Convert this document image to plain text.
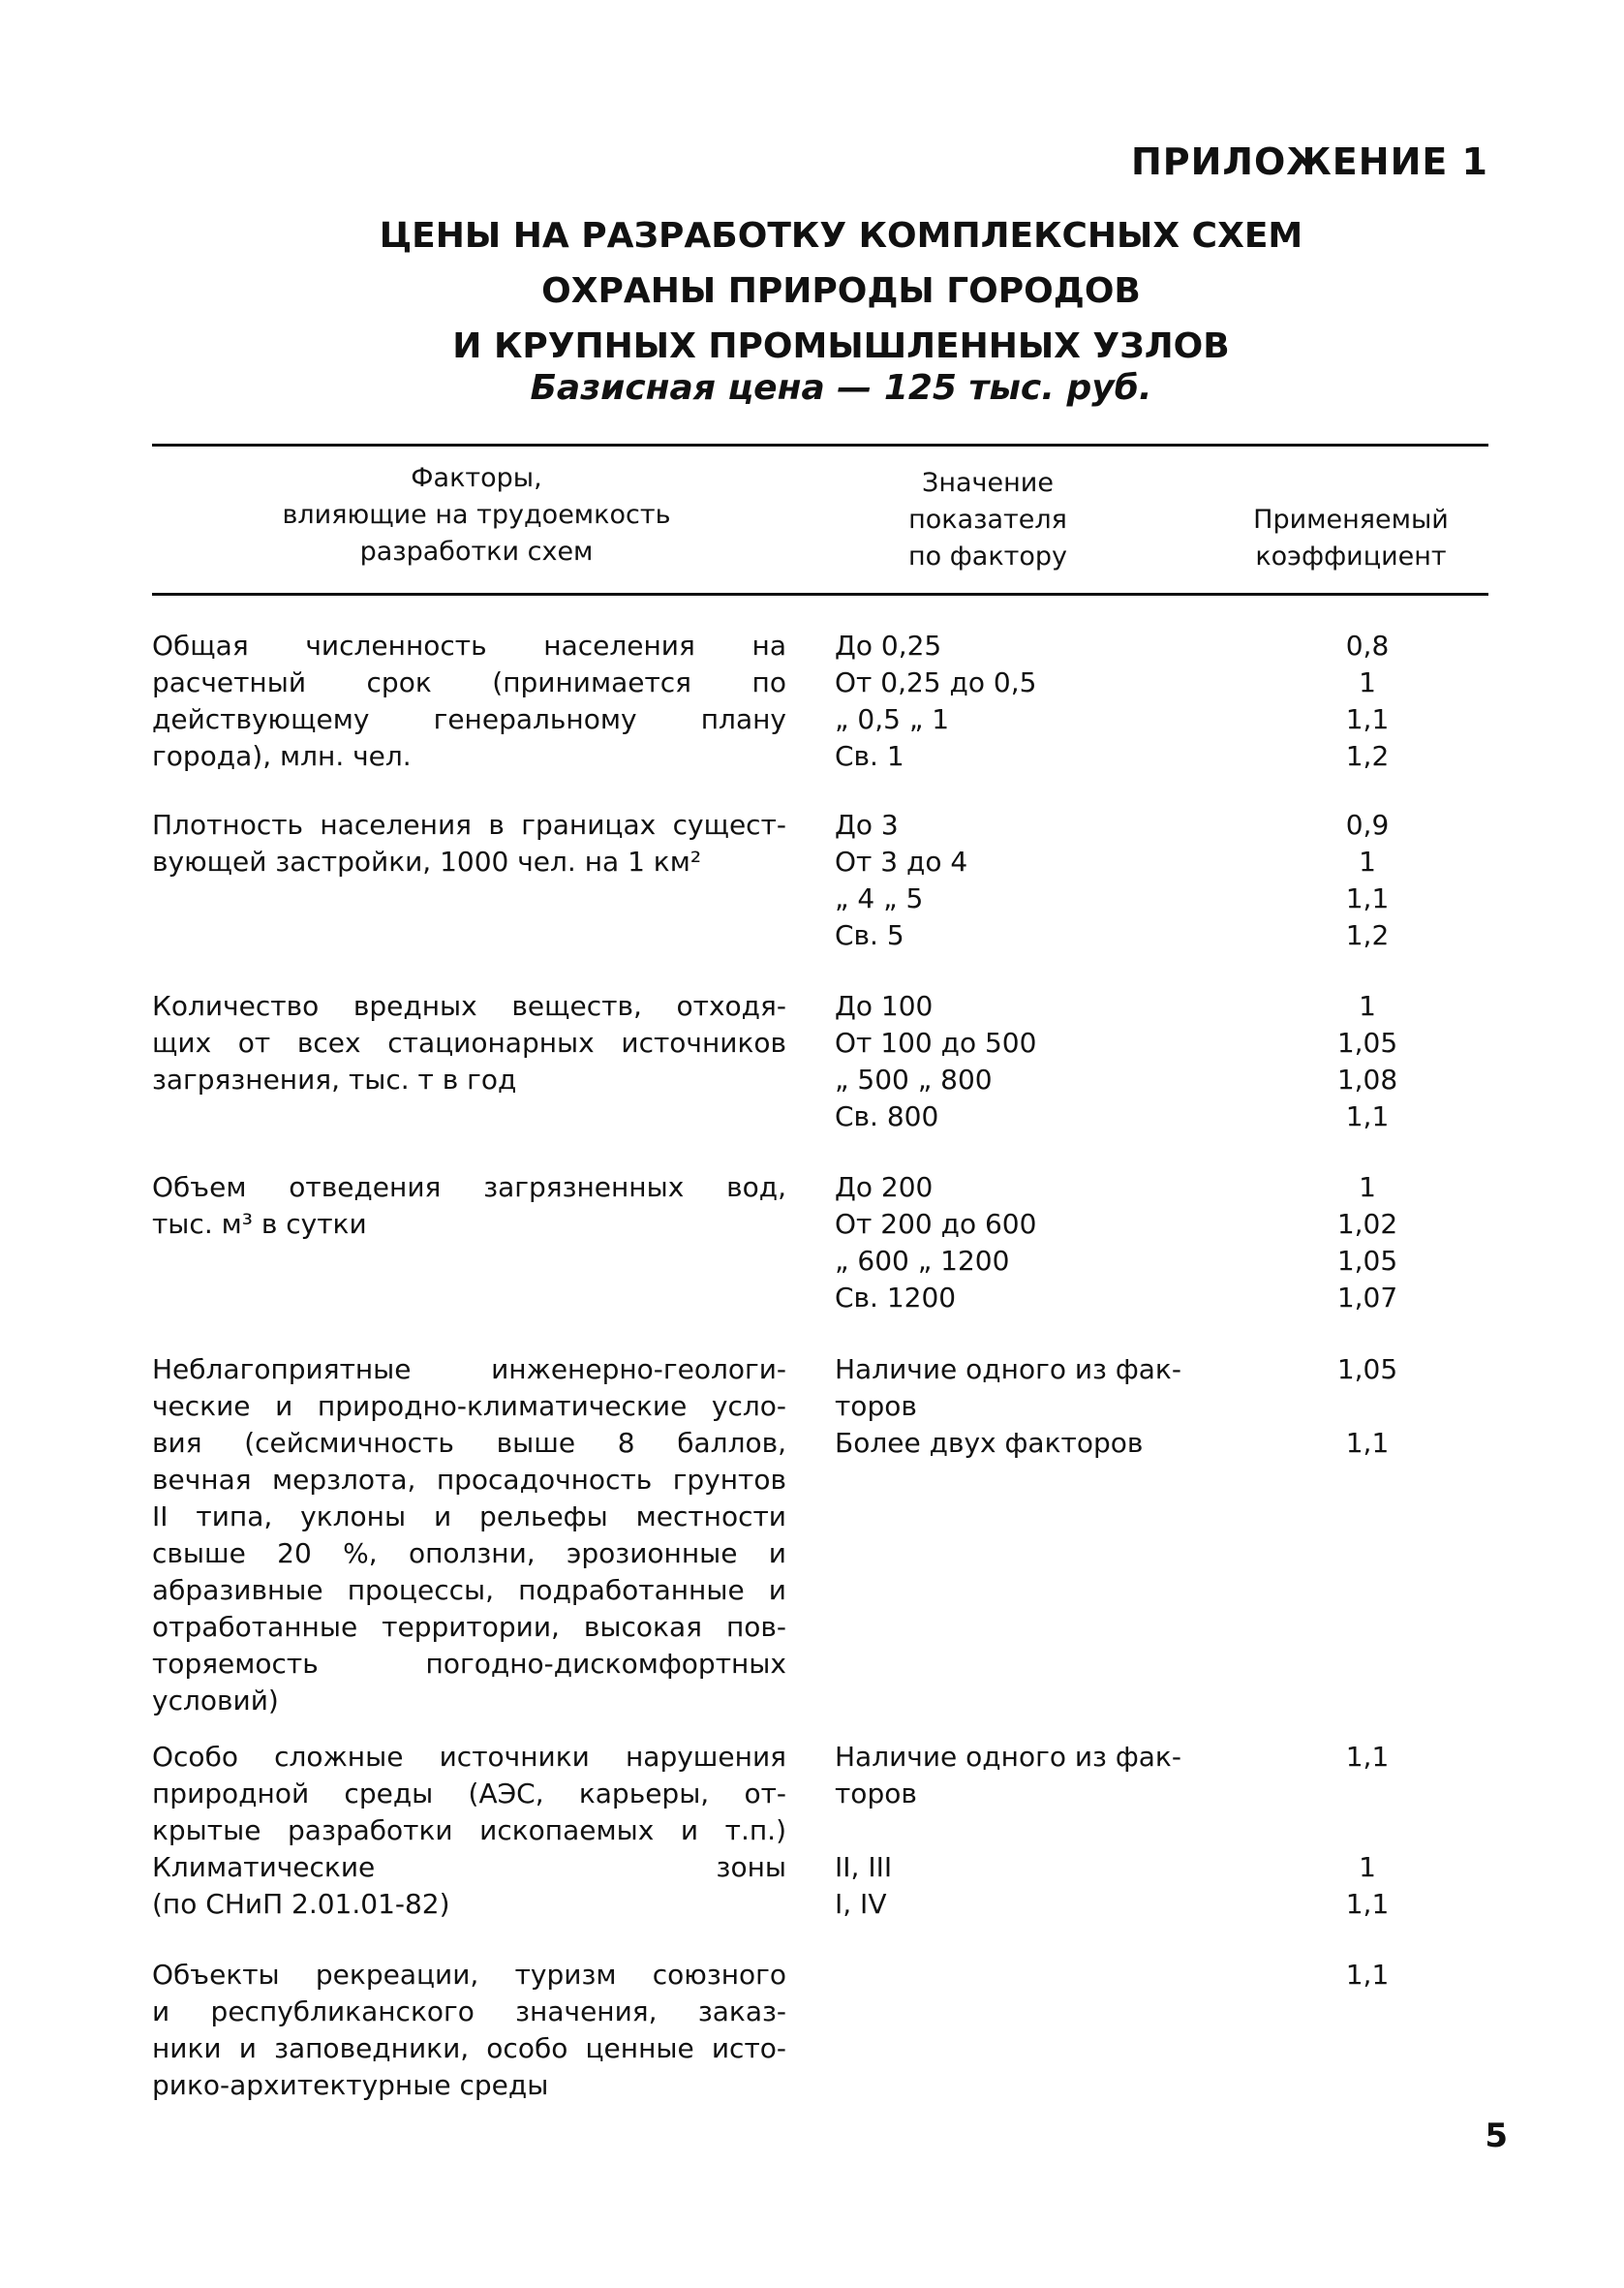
ПРИЛОЖЕНИЕ 1
ЦЕНЫ НА РАЗРАБОТКУ КОМПЛЕКСНЫХ СХЕМ
ОХРАНЫ ПРИРОДЫ ГОРОДОВ
И КРУПНЫХ ПРОМЫШЛЕННЫХ УЗЛОВ
Базисная цена — 125 тыс. руб.
Факторы,
влияющие на трудоемкость
разработки схем
Значение
показателя
по фактору
Применяемый
коэффициент
Общая численность населения на
расчетный срок (принимается по
действующему генеральному плану
города), млн. чел.
До 0,25
От 0,25 до 0,5
„ 0,5 „ 1
Св. 1
0,8
1
1,1
1,2
Плотность населения в границах сущест-
вующей застройки, 1000 чел. на 1 км²
До 3
От 3 до 4
„ 4 „ 5
Св. 5
0,9
1
1,1
1,2
Количество вредных веществ, отходя-
щих от всех стационарных источников
загрязнения, тыс. т в год
До 100
От 100 до 500
„ 500 „ 800
Св. 800
1
1,05
1,08
1,1
Объем отведения загрязненных вод,
тыс. м³ в сутки
До 200
От 200 до 600
„ 600 „ 1200
Св. 1200
1
1,02
1,05
1,07
Неблагоприятные инженерно-геологи-
ческие и природно-климатические усло-
вия (сейсмичность выше 8 баллов,
вечная мерзлота, просадочность грунтов
II типа, уклоны и рельефы местности
свыше 20 %, оползни, эрозионные и
абразивные процессы, подработанные и
отработанные территории, высокая пов-
торяемость погодно-дискомфортных
условий)
Наличие одного из фак-
торов
Более двух факторов
1,05
1,1
Особо сложные источники нарушения
природной среды (АЭС, карьеры, от-
крытые разработки ископаемых и т.п.)
Климатические зоны
(по СНиП 2.01.01-82)
Наличие одного из фак-
торов
II, III
I, IV
1,1
1
1,1
Объекты рекреации, туризм союзного
и республиканского значения, заказ-
ники и заповедники, особо ценные исто-
рико-архитектурные среды
1,1
5
